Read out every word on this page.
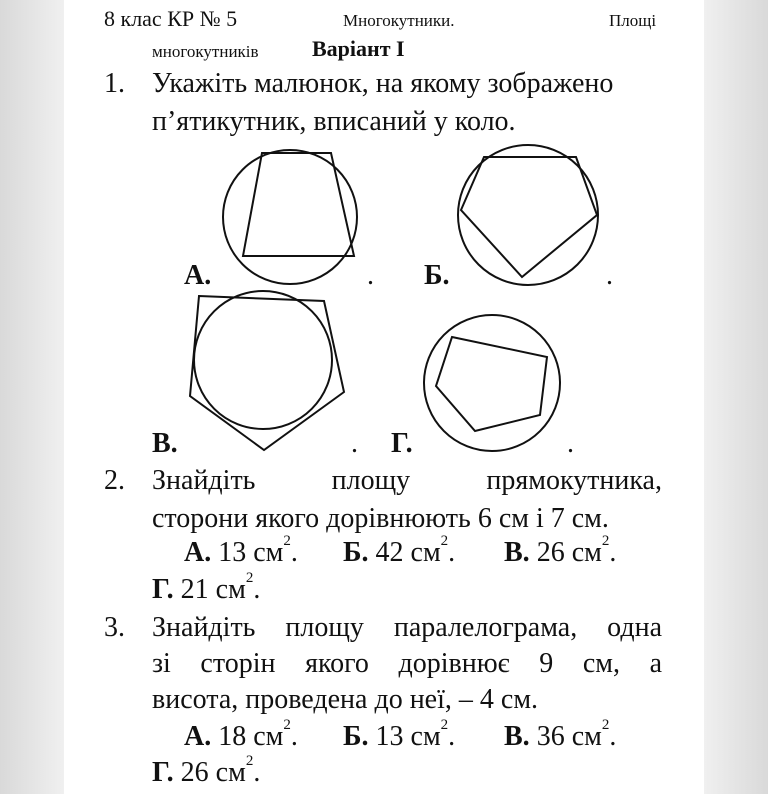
8 клас КР № 5	Многокутники.	Площі
многокутників Варіант І
1. Укажіть малюнок, на якому зображено
п’ятикутник, вписаний у коло.
А.	. Б.	.
В.	. Г.	.
2. Знайдіть	площу	прямокутника,
сторони якого дорівнюють 6 см і 7 см.
А. 13 $см^2$. Б. 42 $см^2$. В. 26 $см^2$.
Г. 21 $см^2$.
3. Знайдіть площу паралелограма, одна
зі сторін якого дорівнює 9 см, а
висота, проведена до неї, – 4 см.
А. 18 $см^2$. Б. 13 $см^2$. В. 36 $см^2$.
Г. 26 $см^2$.
